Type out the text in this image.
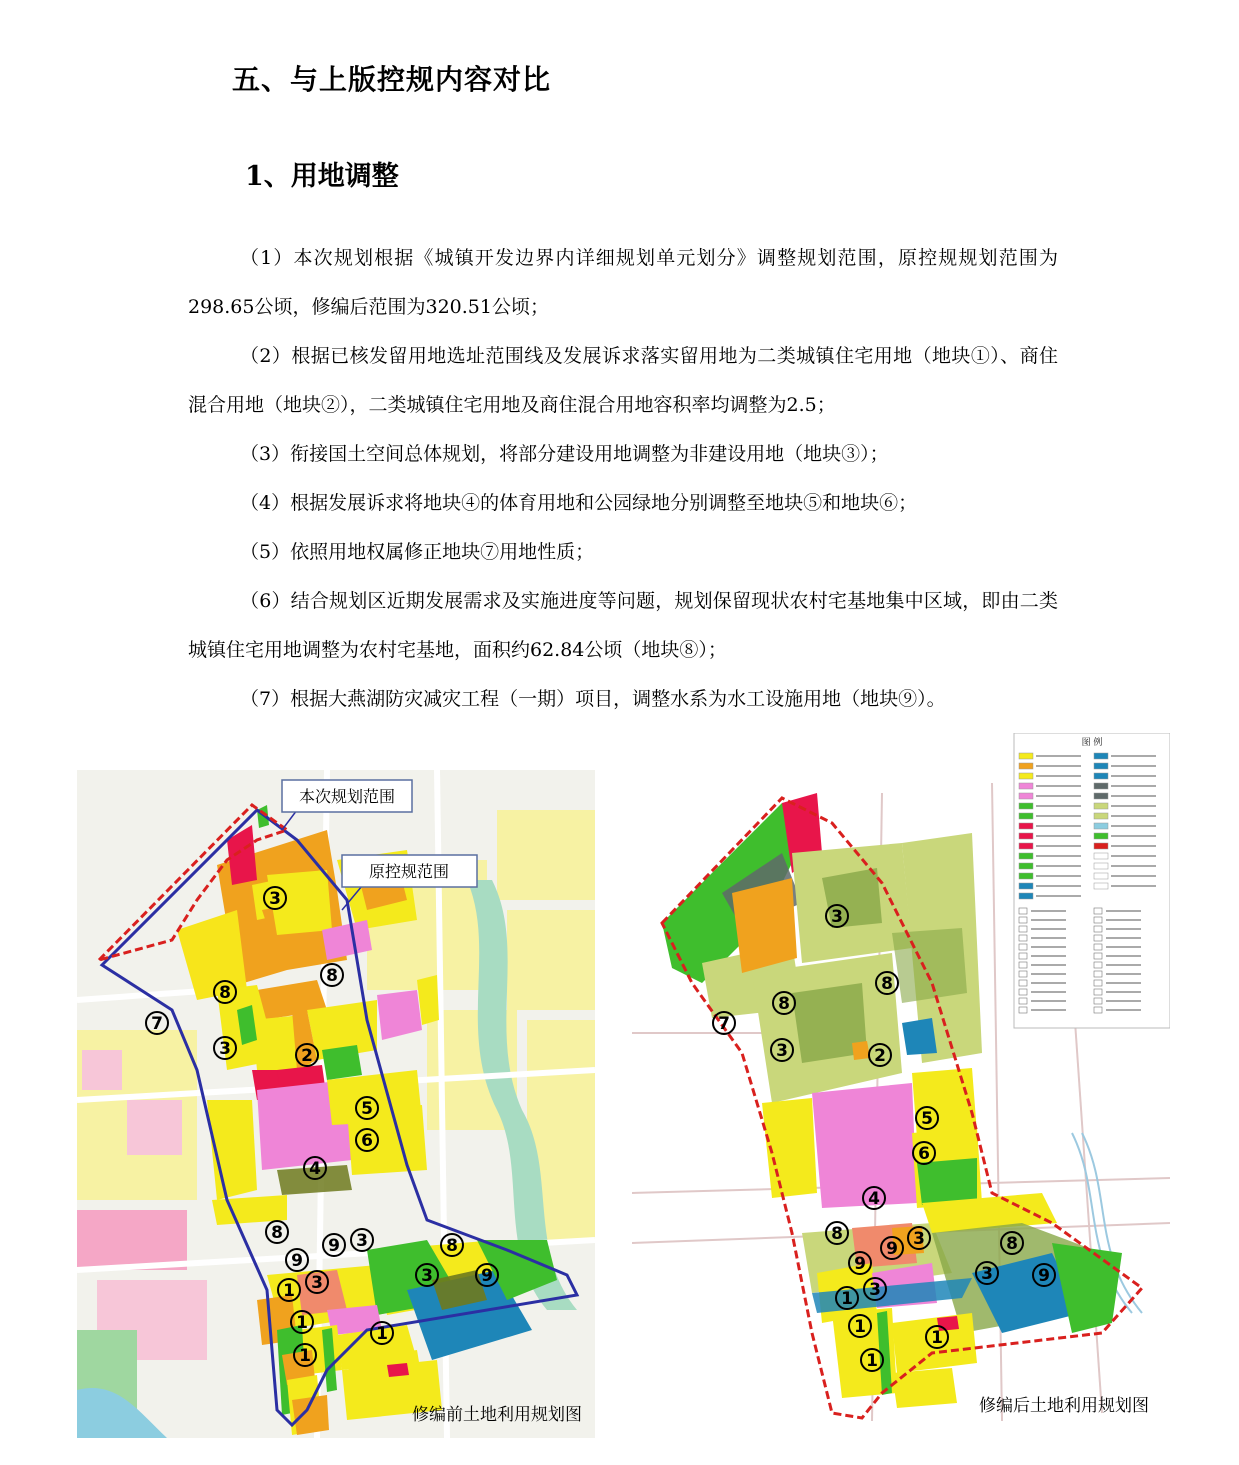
五、与上版控规内容对比
1、用地调整

（1）本次规划根据《城镇开发边界内详细规划单元划分》调整规划范围，原控规规划范围为298.65公顷，修编后范围为320.51公顷；

（2）根据已核发留用地选址范围线及发展诉求落实留用地为二类城镇住宅用地（地块①）、商住混合用地（地块②），二类城镇住宅用地及商住混合用地容积率均调整为2.5；

（3）衔接国土空间总体规划，将部分建设用地调整为非建设用地（地块③）；

（4）根据发展诉求将地块④的体育用地和公园绿地分别调整至地块⑤和地块⑥；

（5）依照用地权属修正地块⑦用地性质；

（6）结合规划区近期发展需求及实施进度等问题，规划保留现状农村宅基地集中区域，即由二类城镇住宅用地调整为农村宅基地，面积约62.84公顷（地块⑧）；

（7）根据大燕湖防灾减灾工程（一期）项目，调整水系为水工设施用地（地块⑨）。

本次规划范围
原控规范围
3
8
8
7
3	2
5
6
4
8
9 3	8
9
3	3	9
1
1
1
1
修编前土地利用规划图
图 例
3
8
8
7
3	2
5
6
4
8
9 3	8
9
3
3	9
1
1
1
1
修编后土地利用规划图
